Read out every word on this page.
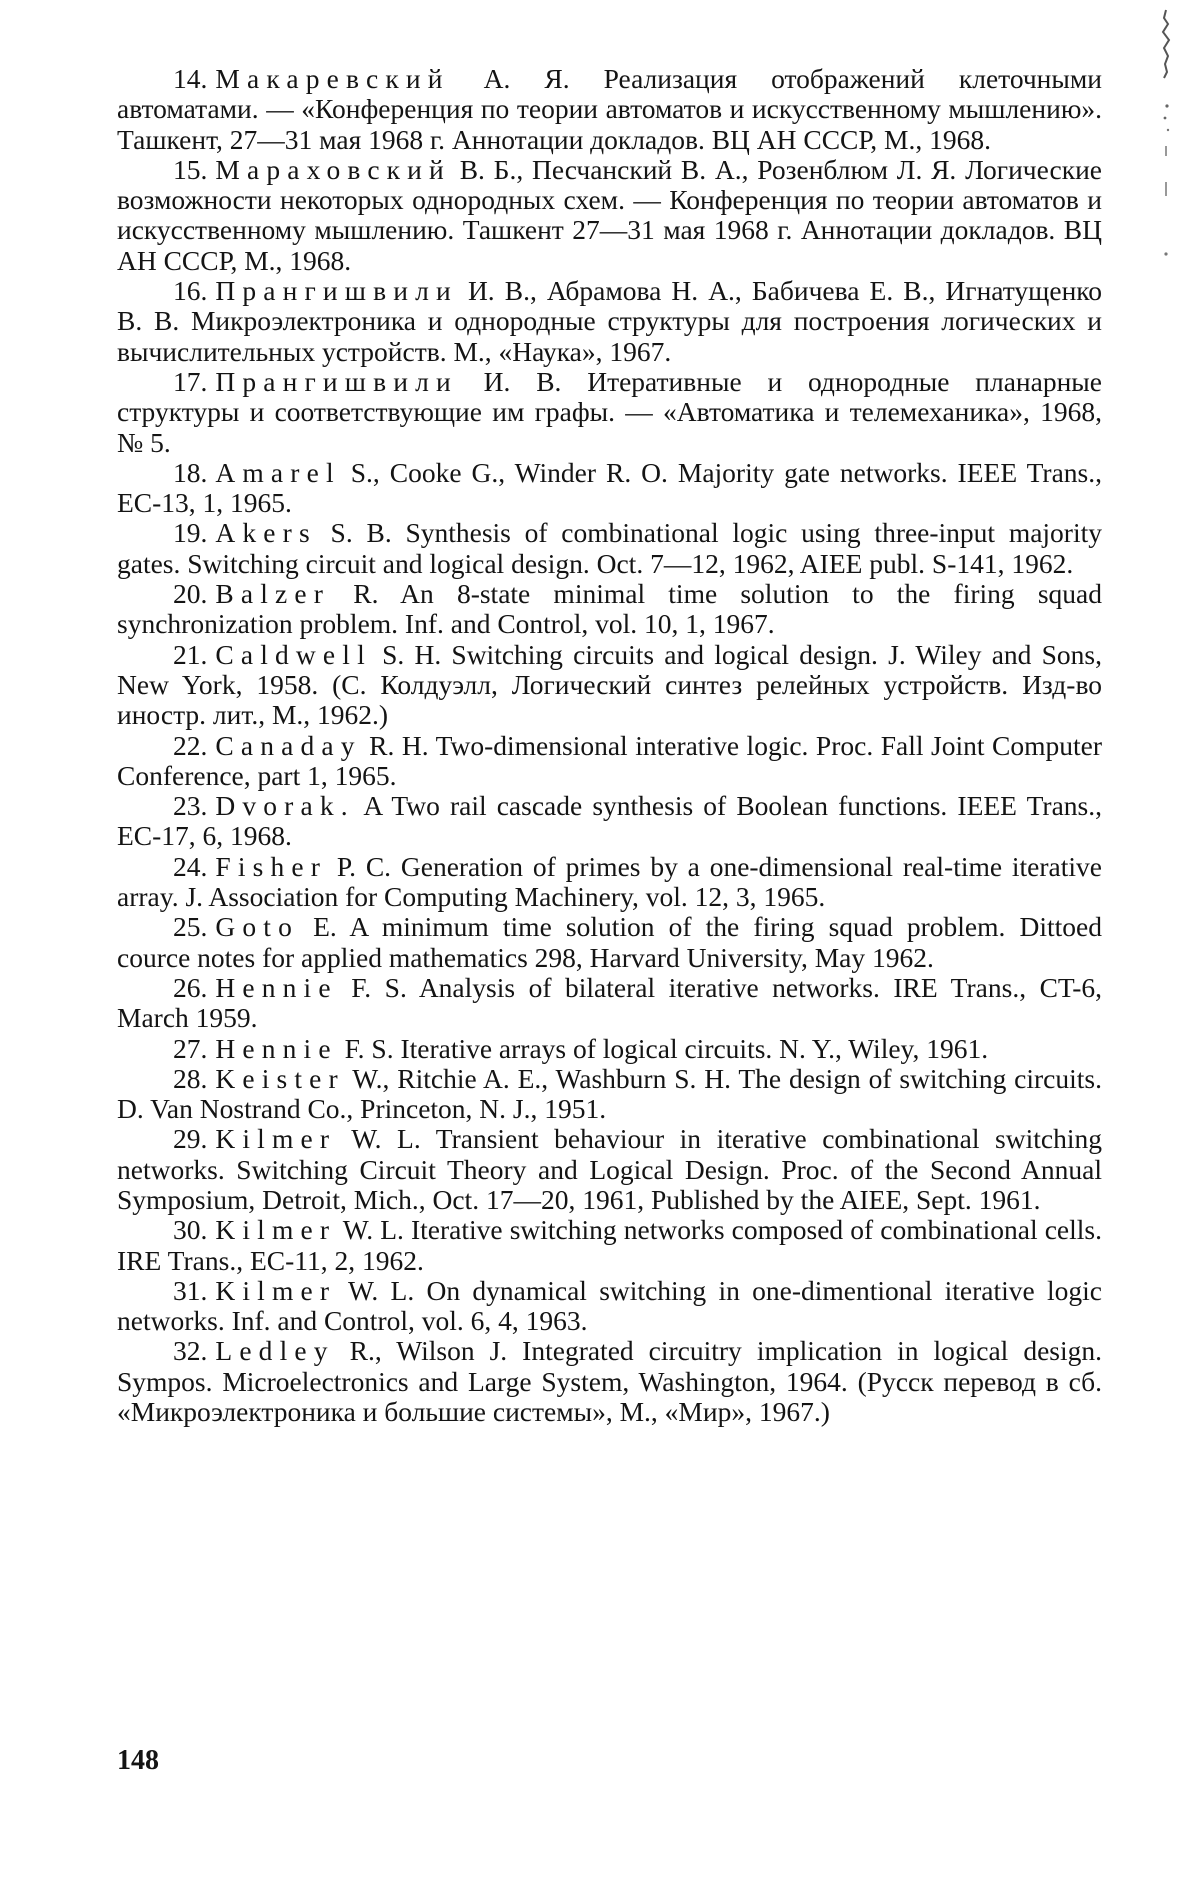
14. Макаревский А. Я. Реализация отображений клеточными автоматами. — «Конференция по теории автоматов и искусственному мышлению». Ташкент, 27—31 мая 1968 г. Аннотации докладов. ВЦ АН СССР, М., 1968.

15. Мараховский В. Б., Песчанский В. А., Розенблюм Л. Я. Логические возможности некоторых однородных схем. — Конференция по теории автоматов и искусственному мышлению. Ташкент 27—31 мая 1968 г. Аннотации докладов. ВЦ АН СССР, М., 1968.

16. Прангишвили И. В., Абрамова Н. А., Бабичева Е. В., Игнатущенко В. В. Микроэлектроника и однородные структуры для построения логических и вычислительных устройств. М., «Наука», 1967.

17. Прангишвили И. В. Итеративные и однородные планарные структуры и соответствующие им графы. — «Автоматика и телемеханика», 1968, № 5.

18. Amarel S., Cooke G., Winder R. O. Majority gate networks. IEEE Trans., EC-13, 1, 1965.

19. Akers S. B. Synthesis of combinational logic using three-input majority gates. Switching circuit and logical design. Oct. 7—12, 1962, AIEE publ. S-141, 1962.

20. Balzer R. An 8-state minimal time solution to the firing squad synchronization problem. Inf. and Control, vol. 10, 1, 1967.

21. Caldwell S. H. Switching circuits and logical design. J. Wiley and Sons, New York, 1958. (С. Колдуэлл, Логический синтез релейных устройств. Изд-во иностр. лит., М., 1962.)

22. Canaday R. H. Two-dimensional interative logic. Proc. Fall Joint Computer Conference, part 1, 1965.

23. Dvorak. A Two rail cascade synthesis of Boolean functions. IEEE Trans., EC-17, 6, 1968.

24. Fisher P. C. Generation of primes by a one-dimensional real-time iterative array. J. Association for Computing Machinery, vol. 12, 3, 1965.

25. Goto E. A minimum time solution of the firing squad problem. Dittoed cource notes for applied mathematics 298, Harvard University, May 1962.

26. Hennie F. S. Analysis of bilateral iterative networks. IRE Trans., CT-6, March 1959.

27. Hennie F. S. Iterative arrays of logical circuits. N. Y., Wiley, 1961.

28. Keister W., Ritchie A. E., Washburn S. H. The design of switching circuits. D. Van Nostrand Co., Princeton, N. J., 1951.

29. Kilmer W. L. Transient behaviour in iterative combinational switching networks. Switching Circuit Theory and Logical Design. Proc. of the Second Annual Symposium, Detroit, Mich., Oct. 17—20, 1961, Published by the AIEE, Sept. 1961.

30. Kilmer W. L. Iterative switching networks composed of combinational cells. IRE Trans., EC-11, 2, 1962.

31. Kilmer W. L. On dynamical switching in one-dimentional iterative logic networks. Inf. and Control, vol. 6, 4, 1963.

32. Ledley R., Wilson J. Integrated circuitry implication in logical design. Sympos. Microelectronics and Large System, Washington, 1964. (Русск перевод в сб. «Микроэлектроника и большие системы», М., «Мир», 1967.)

148
